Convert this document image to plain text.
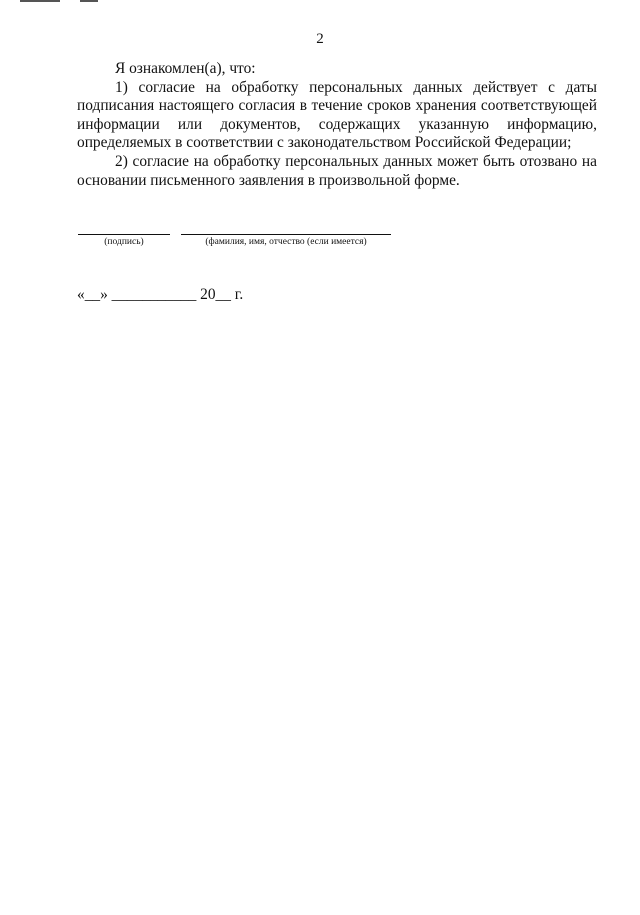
2

Я ознакомлен(а), что:

1) согласие на обработку персональных данных действует с даты подписания настоящего согласия в течение сроков хранения соответствующей информации или документов, содержащих указанную информацию, определяемых в соответствии с законодательством Российской Федерации;

2) согласие на обработку персональных данных может быть отозвано на основании письменного заявления в произвольной форме.

(подпись)	(фамилия, имя, отчество (если имеется)
«__» ___________ 20__ г.
